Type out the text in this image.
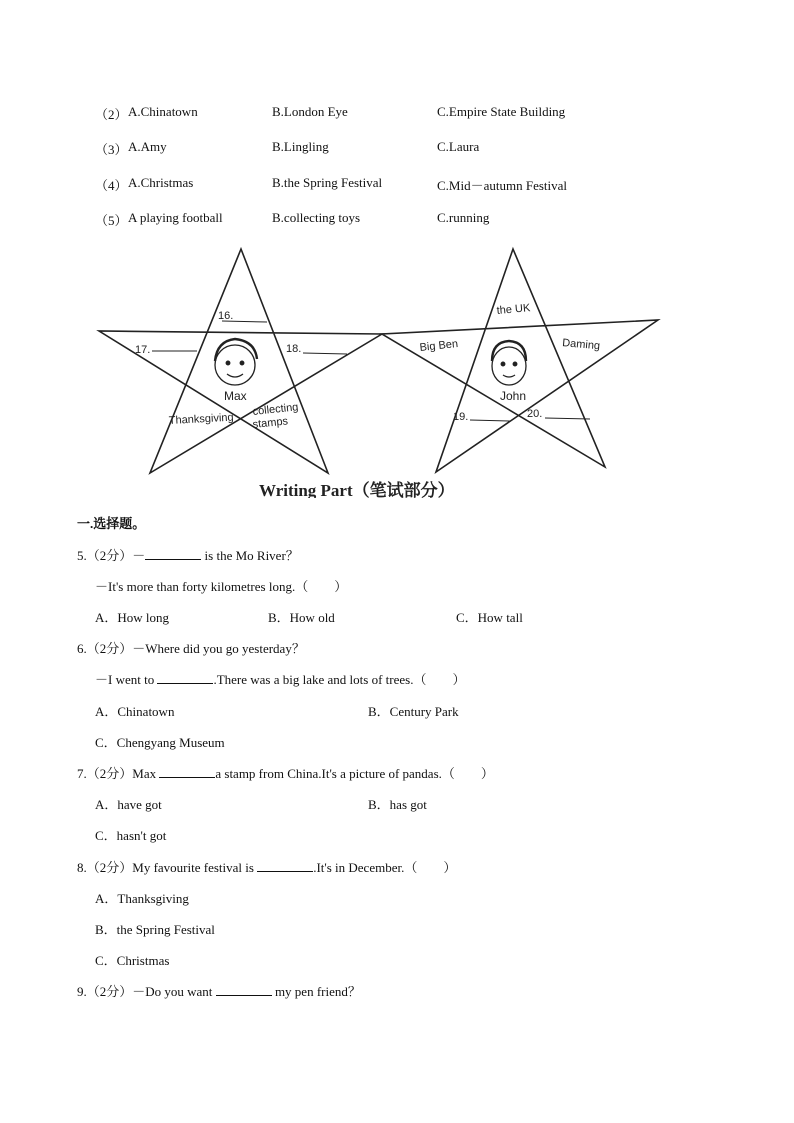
（2） A.Chinatown	B.London Eye	C.Empire State Building
（3） A.Amy	B.Lingling	C.Laura
（4） A.Christmas	B.the Spring Festival	C.Mid－autumn Festival
（5） A playing football	B.collecting toys	C.running
16.
17.	18.
Max
Thanksgiving
collecting
stamps
the UK
Big Ben	Daming
John
19.	20.
Writing Part（笔试部分）
一.选择题。
5.（2分）－	is the Mo River？
－It's more than forty kilometres long.（　　）
A．How long	B．How old	C．How tall
6.（2分）－Where did you go yesterday？
－I went to	.There was a big lake and lots of trees.（　　）
A．Chinatown	B．Century Park
C．Chengyang Museum
7.（2分）Max	a stamp from China.It's a picture of pandas.（　　）
A．have got	B．has got
C．hasn't got
8.（2分）My favourite festival is	.It's in December.（　　）
A．Thanksgiving
B．the Spring Festival
C．Christmas
9.（2分）－Do you want	my pen friend？
